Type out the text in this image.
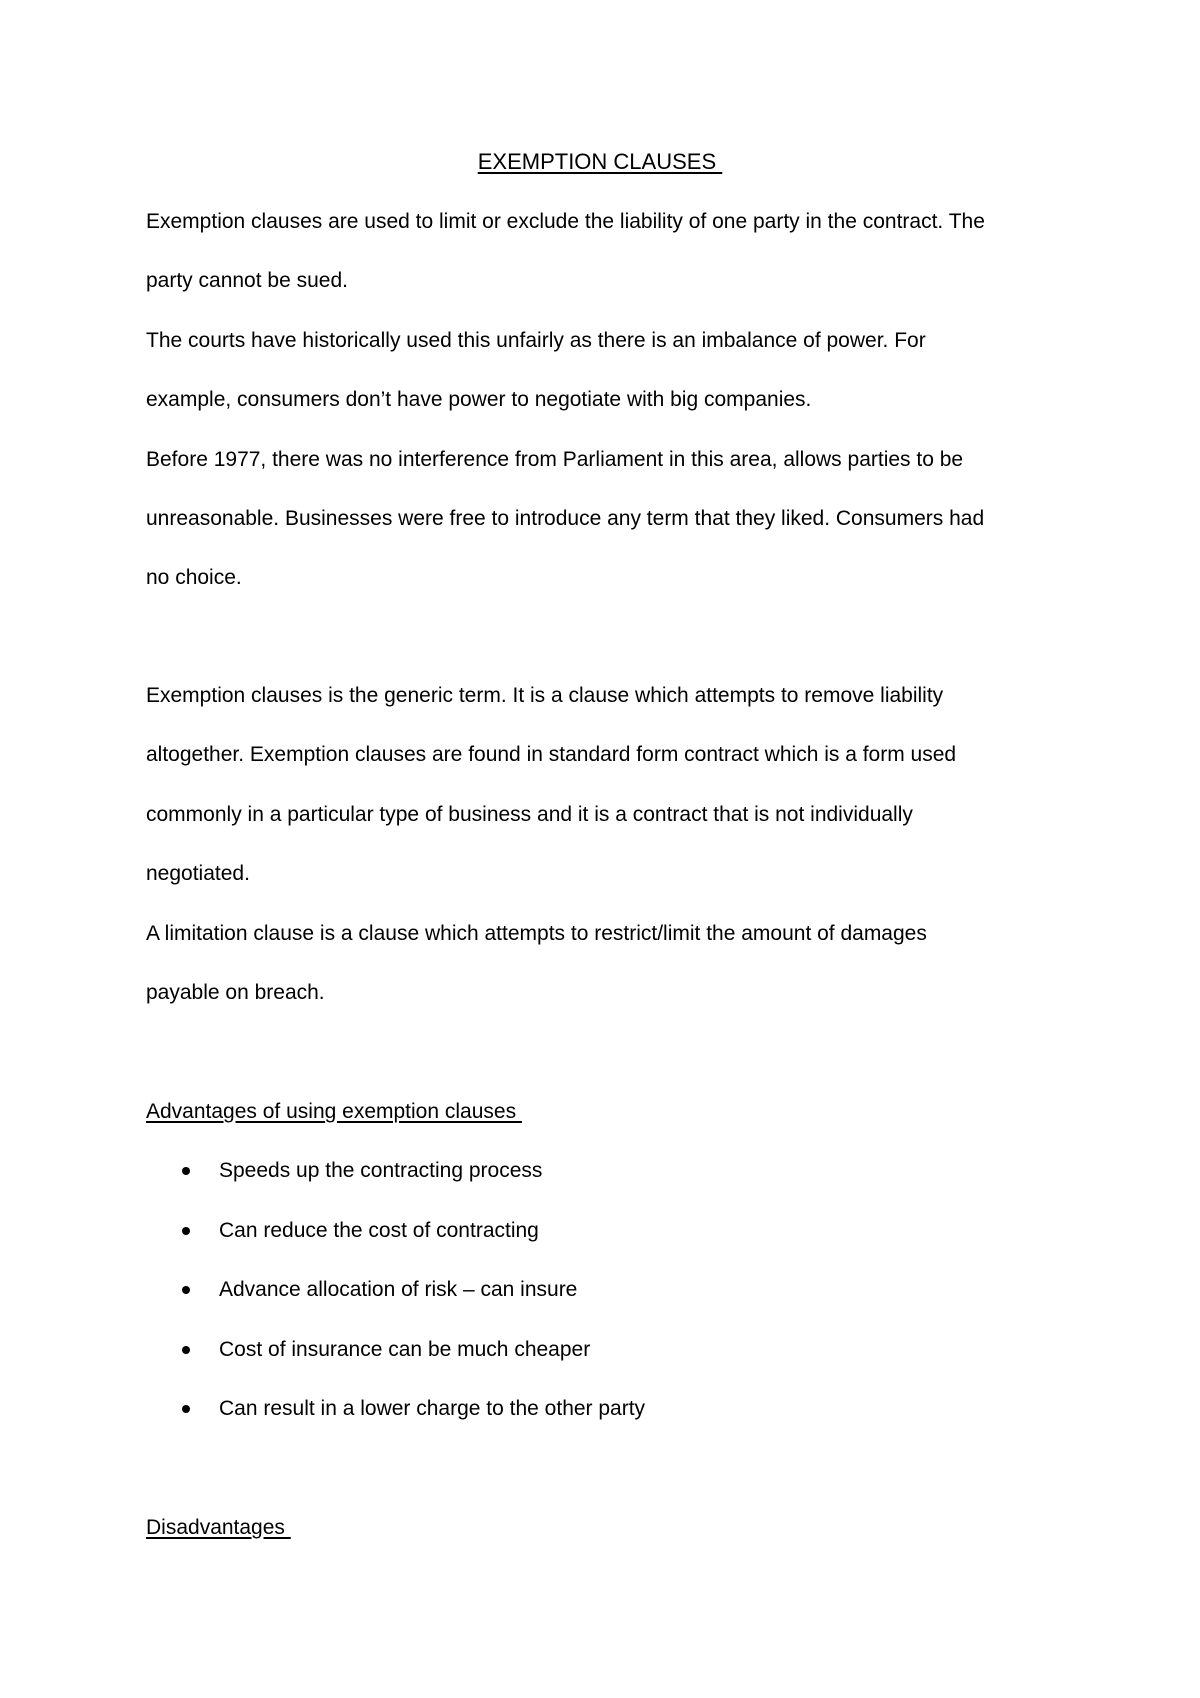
EXEMPTION CLAUSES
Exemption clauses are used to limit or exclude the liability of one party in the contract. The
party cannot be sued.
The courts have historically used this unfairly as there is an imbalance of power. For
example, consumers don’t have power to negotiate with big companies.
Before 1977, there was no interference from Parliament in this area, allows parties to be
unreasonable. Businesses were free to introduce any term that they liked. Consumers had
no choice.
Exemption clauses is the generic term. It is a clause which attempts to remove liability
altogether. Exemption clauses are found in standard form contract which is a form used
commonly in a particular type of business and it is a contract that is not individually
negotiated.
A limitation clause is a clause which attempts to restrict/limit the amount of damages
payable on breach.
Advantages of using exemption clauses
Speeds up the contracting process
Can reduce the cost of contracting
Advance allocation of risk – can insure
Cost of insurance can be much cheaper
Can result in a lower charge to the other party
Disadvantages
